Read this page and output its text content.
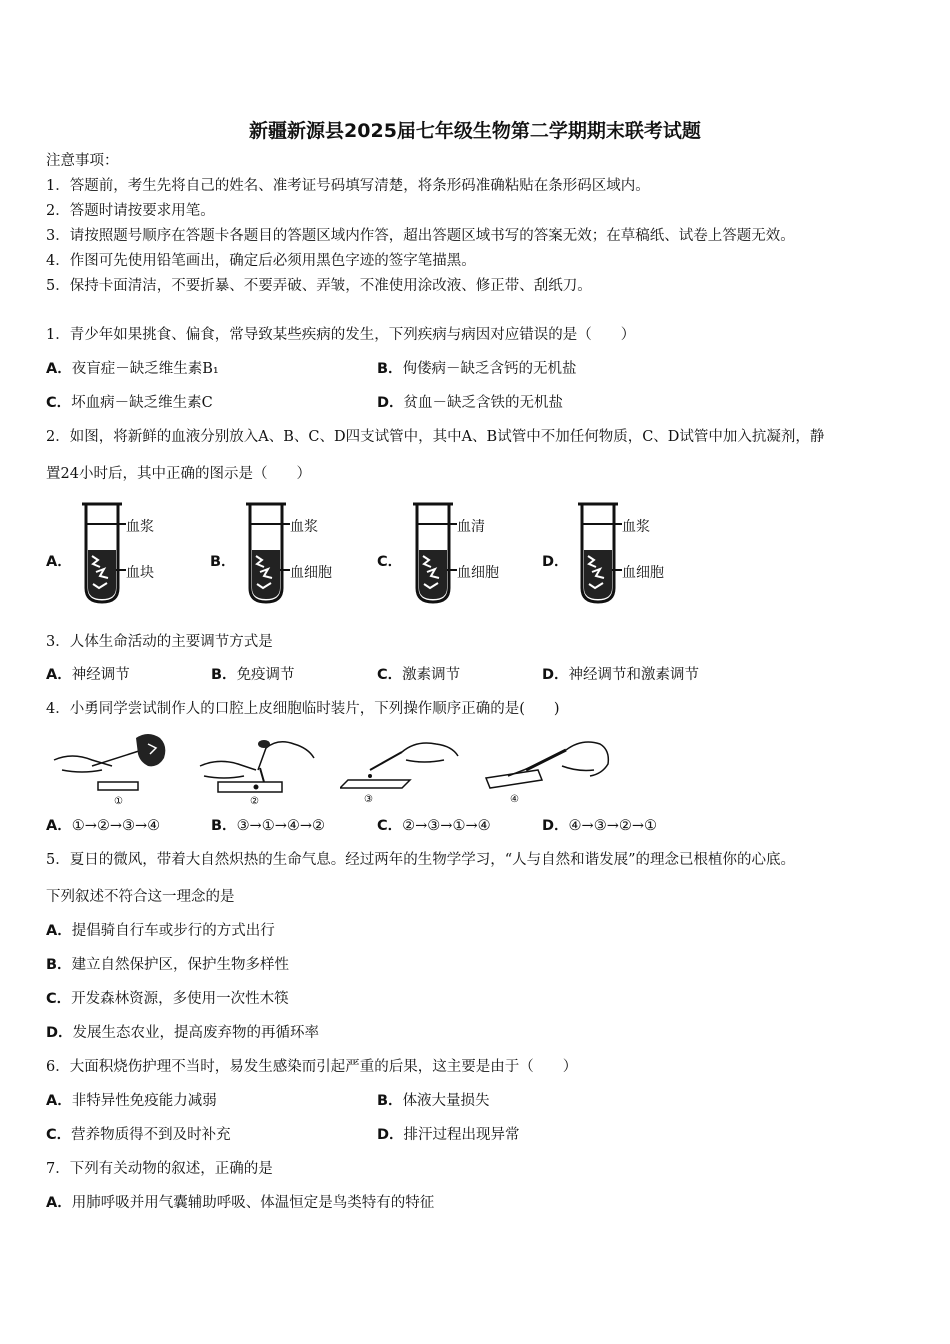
新疆新源县2025届七年级生物第二学期期末联考试题
注意事项：
1．答题前，考生先将自己的姓名、准考证号码填写清楚，将条形码准确粘贴在条形码区域内。
2．答题时请按要求用笔。
3．请按照题号顺序在答题卡各题目的答题区域内作答，超出答题区域书写的答案无效；在草稿纸、试卷上答题无效。
4．作图可先使用铅笔画出，确定后必须用黑色字迹的签字笔描黑。
5．保持卡面清洁，不要折暴、不要弄破、弄皱，不准使用涂改液、修正带、刮纸刀。
1．青少年如果挑食、偏食，常导致某些疾病的发生，下列疾病与病因对应错误的是（　　）
A．夜盲症－缺乏维生素B₁	B．佝偻病－缺乏含钙的无机盐
C．坏血病－缺乏维生素C	D．贫血－缺乏含铁的无机盐
2．如图，将新鲜的血液分别放入A、B、C、D四支试管中，其中A、B试管中不加任何物质，C、D试管中加入抗凝剂，静
置24小时后，其中正确的图示是（　　）
A．
血浆
血块
B．
血浆
血细胞
C．
血清
血细胞
D．
血浆
血细胞
3．人体生命活动的主要调节方式是
A．神经调节	B．免疫调节	C．激素调节	D．神经调节和激素调节
4．小勇同学尝试制作人的口腔上皮细胞临时装片，下列操作顺序正确的是(　　)
①	②	③	④
A．①→②→③→④	B．③→①→④→②	C．②→③→①→④	D．④→③→②→①
5．夏日的微风，带着大自然炽热的生命气息。经过两年的生物学学习，“人与自然和谐发展”的理念已根植你的心底。
下列叙述不符合这一理念的是
A．提倡骑自行车或步行的方式出行
B．建立自然保护区，保护生物多样性
C．开发森林资源，多使用一次性木筷
D．发展生态农业，提高废弃物的再循环率
6．大面积烧伤护理不当时，易发生感染而引起严重的后果，这主要是由于（　　）
A．非特异性免疫能力减弱	B．体液大量损失
C．营养物质得不到及时补充	D．排汗过程出现异常
7．下列有关动物的叙述，正确的是
A．用肺呼吸并用气囊辅助呼吸、体温恒定是鸟类特有的特征
